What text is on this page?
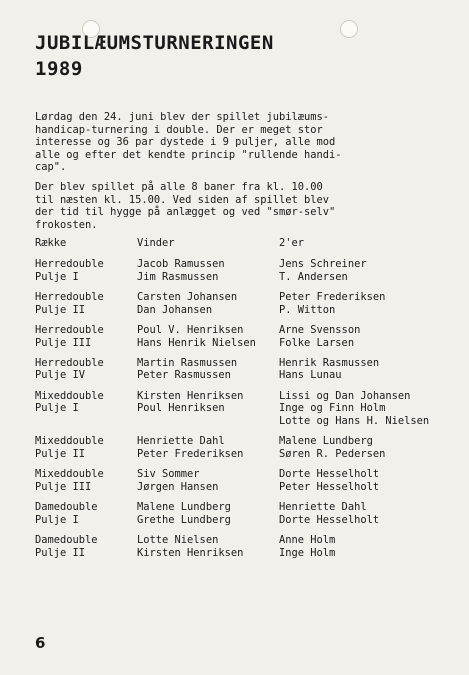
JUBILÆUMSTURNERINGEN
1989

Lørdag den 24. juni blev der spillet jubilæums-
handicap-turnering i double. Der er meget stor
interesse og 36 par dystede i 9 puljer, alle mod
alle og efter det kendte princip "rullende handi-
cap".

Der blev spillet på alle 8 baner fra kl. 10.00
til næsten kl. 15.00. Ved siden af spillet blev
der tid til hygge på anlægget og ved "smør-selv"
frokosten.

Række	Vinder	2'er
Herredouble
Pulje I
Jacob Ramussen
Jim Rasmussen
Jens Schreiner
T. Andersen
Herredouble
Pulje II
Carsten Johansen
Dan Johansen
Peter Frederiksen
P. Witton
Herredouble
Pulje III
Poul V. Henriksen
Hans Henrik Nielsen
Arne Svensson
Folke Larsen
Herredouble
Pulje IV
Martin Rasmussen
Peter Rasmussen
Henrik Rasmussen
Hans Lunau
Mixeddouble
Pulje I
Kirsten Henriksen
Poul Henriksen
Lissi og Dan Johansen
Inge og Finn Holm
Lotte og Hans H. Nielsen
Mixeddouble
Pulje II
Henriette Dahl
Peter Frederiksen
Malene Lundberg
Søren R. Pedersen
Mixeddouble
Pulje III
Siv Sommer
Jørgen Hansen
Dorte Hesselholt
Peter Hesselholt
Damedouble
Pulje I
Malene Lundberg
Grethe Lundberg
Henriette Dahl
Dorte Hesselholt
Damedouble
Pulje II
Lotte Nielsen
Kirsten Henriksen
Anne Holm
Inge Holm

6
